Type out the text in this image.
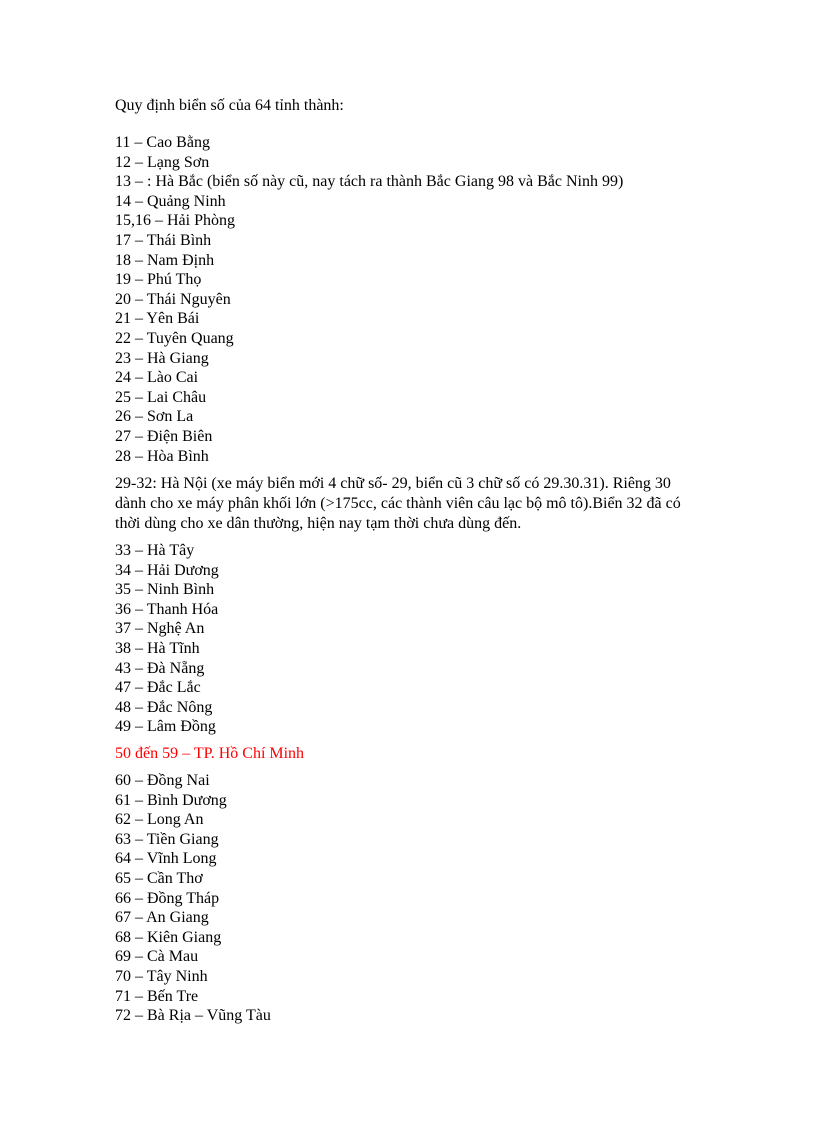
Quy định biển số của 64 tỉnh thành:

11 – Cao Bằng
12 – Lạng Sơn
13 – : Hà Bắc (biển số này cũ, nay tách ra thành Bắc Giang 98 và Bắc Ninh 99)
14 – Quảng Ninh
15,16 – Hải Phòng
17 – Thái Bình
18 – Nam Định
19 – Phú Thọ
20 – Thái Nguyên
21 – Yên Bái
22 – Tuyên Quang
23 – Hà Giang
24 – Lào Cai
25 – Lai Châu
26 – Sơn La
27 – Điện Biên
28 – Hòa Bình

29-32: Hà Nội (xe máy biển mới 4 chữ số- 29, biển cũ 3 chữ số có 29.30.31). Riêng 30 dành cho xe máy phân khối lớn (>175cc, các thành viên câu lạc bộ mô tô).Biển 32 đã có thời dùng cho xe dân thường, hiện nay tạm thời chưa dùng đến.

33 – Hà Tây
34 – Hải Dương
35 – Ninh Bình
36 – Thanh Hóa
37 – Nghệ An
38 – Hà Tĩnh
43 – Đà Nẵng
47 – Đắc Lắc
48 – Đắc Nông
49 – Lâm Đồng

50 đến 59 – TP. Hồ Chí Minh

60 – Đồng Nai
61 – Bình Dương
62 – Long An
63 – Tiền Giang
64 – Vĩnh Long
65 – Cần Thơ
66 – Đồng Tháp
67 – An Giang
68 – Kiên Giang
69 – Cà Mau
70 – Tây Ninh
71 – Bến Tre
72 – Bà Rịa – Vũng Tàu
